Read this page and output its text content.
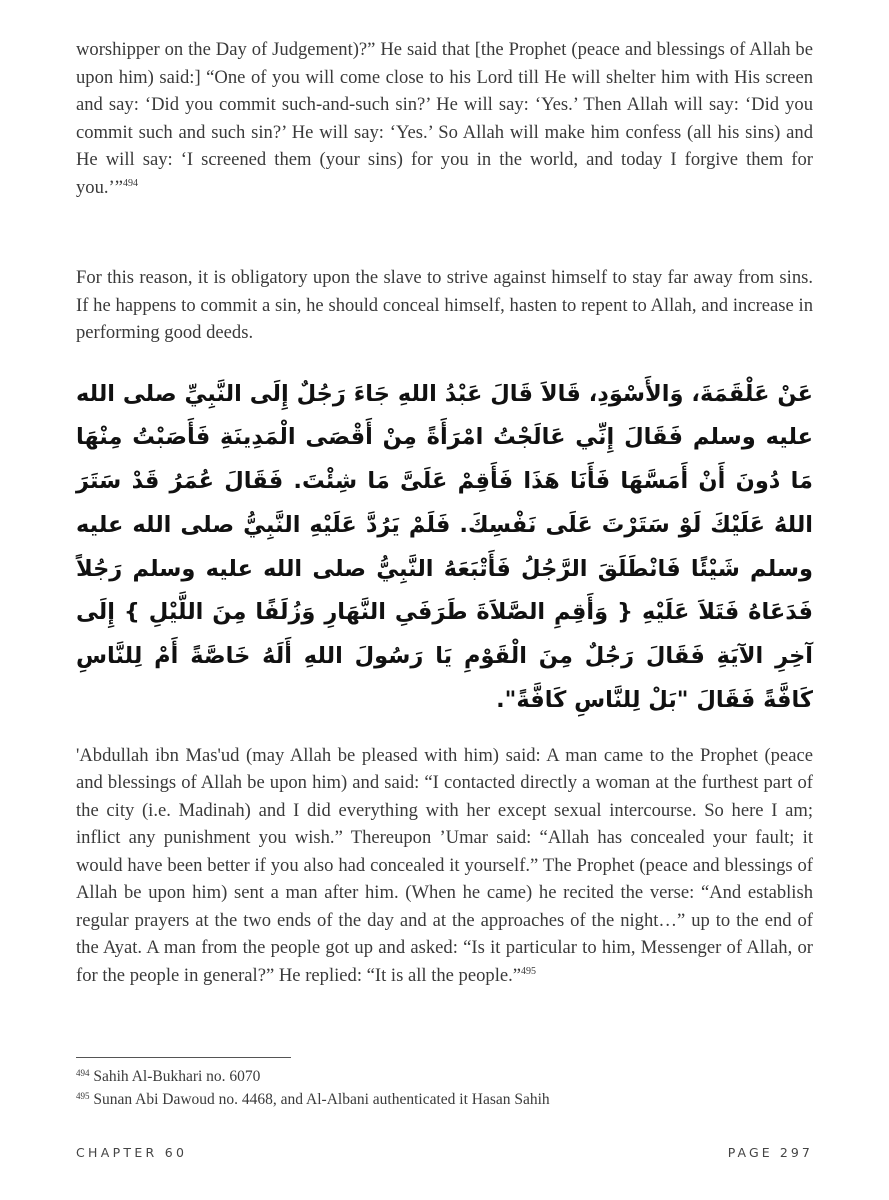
worshipper on the Day of Judgement)?” He said that [the Prophet (peace and blessings of Allah be upon him) said:] “One of you will come close to his Lord till He will shelter him with His screen and say: ‘Did you commit such-and-such sin?’ He will say: ‘Yes.’ Then Allah will say: ‘Did you commit such and such sin?’ He will say: ‘Yes.’ So Allah will make him confess (all his sins) and He will say: ‘I screened them (your sins) for you in the world, and today I forgive them for you.’”$^{494}$

For this reason, it is obligatory upon the slave to strive against himself to stay far away from sins. If he happens to commit a sin, he should conceal himself, hasten to repent to Allah, and increase in performing good deeds.

عَنْ عَلْقَمَةَ، وَالأَسْوَدِ، قَالاَ قَالَ عَبْدُ اللهِ جَاءَ رَجُلٌ إِلَى النَّبِيِّ صلى الله عليه وسلم فَقَالَ إِنِّي عَالَجْتُ امْرَأَةً مِنْ أَقْصَى الْمَدِينَةِ فَأَصَبْتُ مِنْهَا مَا دُونَ أَنْ أَمَسَّهَا فَأَنَا هَذَا فَأَقِمْ عَلَىَّ مَا شِئْتَ. فَقَالَ عُمَرُ قَدْ سَتَرَ اللهُ عَلَيْكَ لَوْ سَتَرْتَ عَلَى نَفْسِكَ. فَلَمْ يَرُدَّ عَلَيْهِ النَّبِيُّ صلى الله عليه وسلم شَيْئًا فَانْطَلَقَ الرَّجُلُ فَأَتْبَعَهُ النَّبِيُّ صلى الله عليه وسلم رَجُلاً فَدَعَاهُ فَتَلاَ عَلَيْهِ { وَأَقِمِ الصَّلاَةَ طَرَفَىِ النَّهَارِ وَزُلَفًا مِنَ اللَّيْلِ } إِلَى آخِرِ الآيَةِ فَقَالَ رَجُلٌ مِنَ الْقَوْمِ يَا رَسُولَ اللهِ أَلَهُ خَاصَّةً أَمْ لِلنَّاسِ كَافَّةً فَقَالَ "بَلْ لِلنَّاسِ كَافَّةً".

'Abdullah ibn Mas'ud (may Allah be pleased with him) said: A man came to the Prophet (peace and blessings of Allah be upon him) and said: “I contacted directly a woman at the furthest part of the city (i.e. Madinah) and I did everything with her except sexual intercourse. So here I am; inflict any punishment you wish.” Thereupon ’Umar said: “Allah has concealed your fault; it would have been better if you also had concealed it yourself.” The Prophet (peace and blessings of Allah be upon him) sent a man after him. (When he came) he recited the verse: “And establish regular prayers at the two ends of the day and at the approaches of the night…” up to the end of the Ayat. A man from the people got up and asked: “Is it particular to him, Messenger of Allah, or for the people in general?” He replied: “It is all the people.”$^{495}$

$^{494}$ Sahih Al-Bukhari no. 6070
$^{495}$ Sunan Abi Dawoud no. 4468, and Al-Albani authenticated it Hasan Sahih
CHAPTER 60	PAGE 297
